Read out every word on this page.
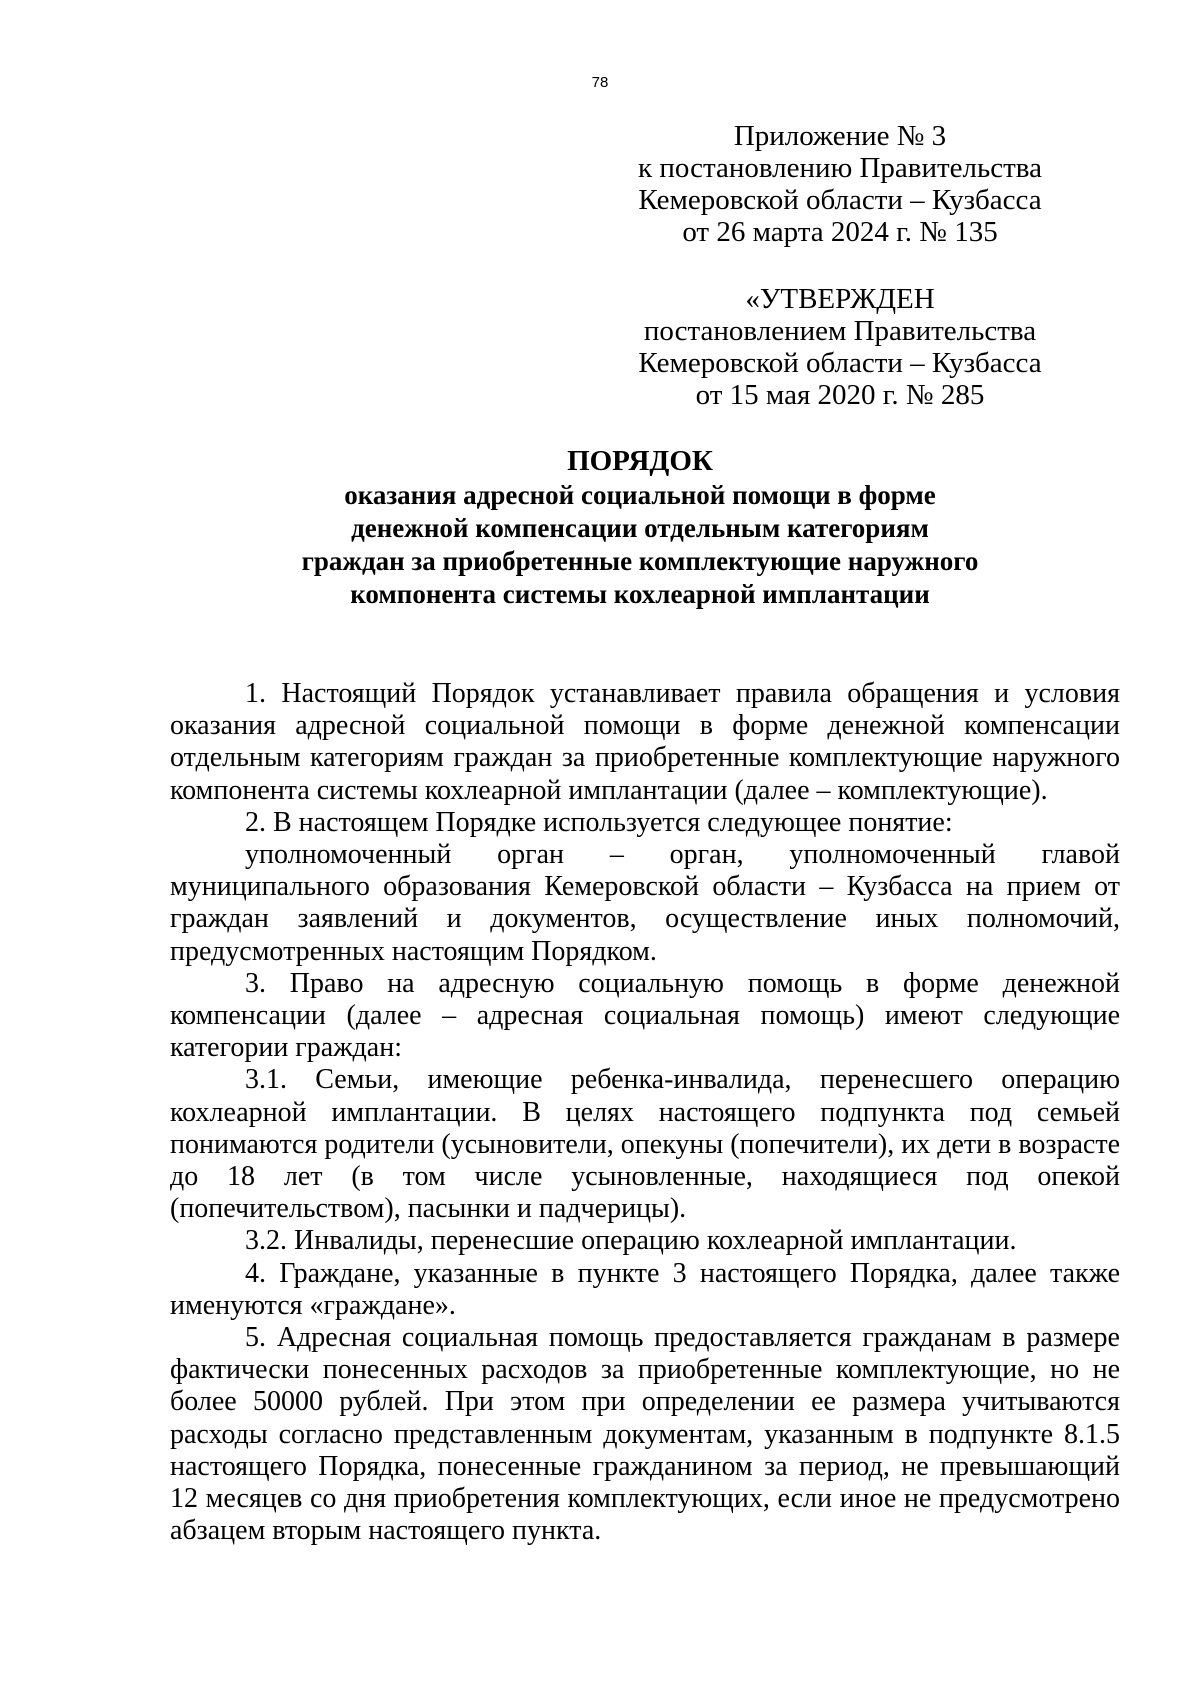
78
Приложение № 3
к постановлению Правительства
Кемеровской области – Кузбасса
от 26 марта 2024 г. № 135
«УТВЕРЖДЕН
постановлением Правительства
Кемеровской области – Кузбасса
от 15 мая 2020 г. № 285
ПОРЯДОК
оказания адресной социальной помощи в форме
денежной компенсации отдельным категориям
граждан за приобретенные комплектующие наружного
компонента системы кохлеарной имплантации

1. Настоящий Порядок устанавливает правила обращения и условия оказания адресной социальной помощи в форме денежной компенсации отдельным категориям граждан за приобретенные комплектующие наружного компонента системы кохлеарной имплантации (далее – комплектующие).

2. В настоящем Порядке используется следующее понятие:

уполномоченный орган – орган, уполномоченный главой муниципального образования Кемеровской области – Кузбасса на прием от граждан заявлений и документов, осуществление иных полномочий, предусмотренных настоящим Порядком.

3. Право на адресную социальную помощь в форме денежной компенсации (далее – адресная социальная помощь) имеют следующие категории граждан:

3.1. Семьи, имеющие ребенка-инвалида, перенесшего операцию кохлеарной имплантации. В целях настоящего подпункта под семьей понимаются родители (усыновители, опекуны (попечители), их дети в возрасте до 18 лет (в том числе усыновленные, находящиеся под опекой (попечительством), пасынки и падчерицы).

3.2. Инвалиды, перенесшие операцию кохлеарной имплантации.

4. Граждане, указанные в пункте 3 настоящего Порядка, далее также именуются «граждане».

5. Адресная социальная помощь предоставляется гражданам в размере фактически понесенных расходов за приобретенные комплектующие, но не более 50000 рублей. При этом при определении ее размера учитываются расходы согласно представленным документам, указанным в подпункте 8.1.5 настоящего Порядка, понесенные гражданином за период, не превышающий 12 месяцев со дня приобретения комплектующих, если иное не предусмотрено абзацем вторым настоящего пункта.
